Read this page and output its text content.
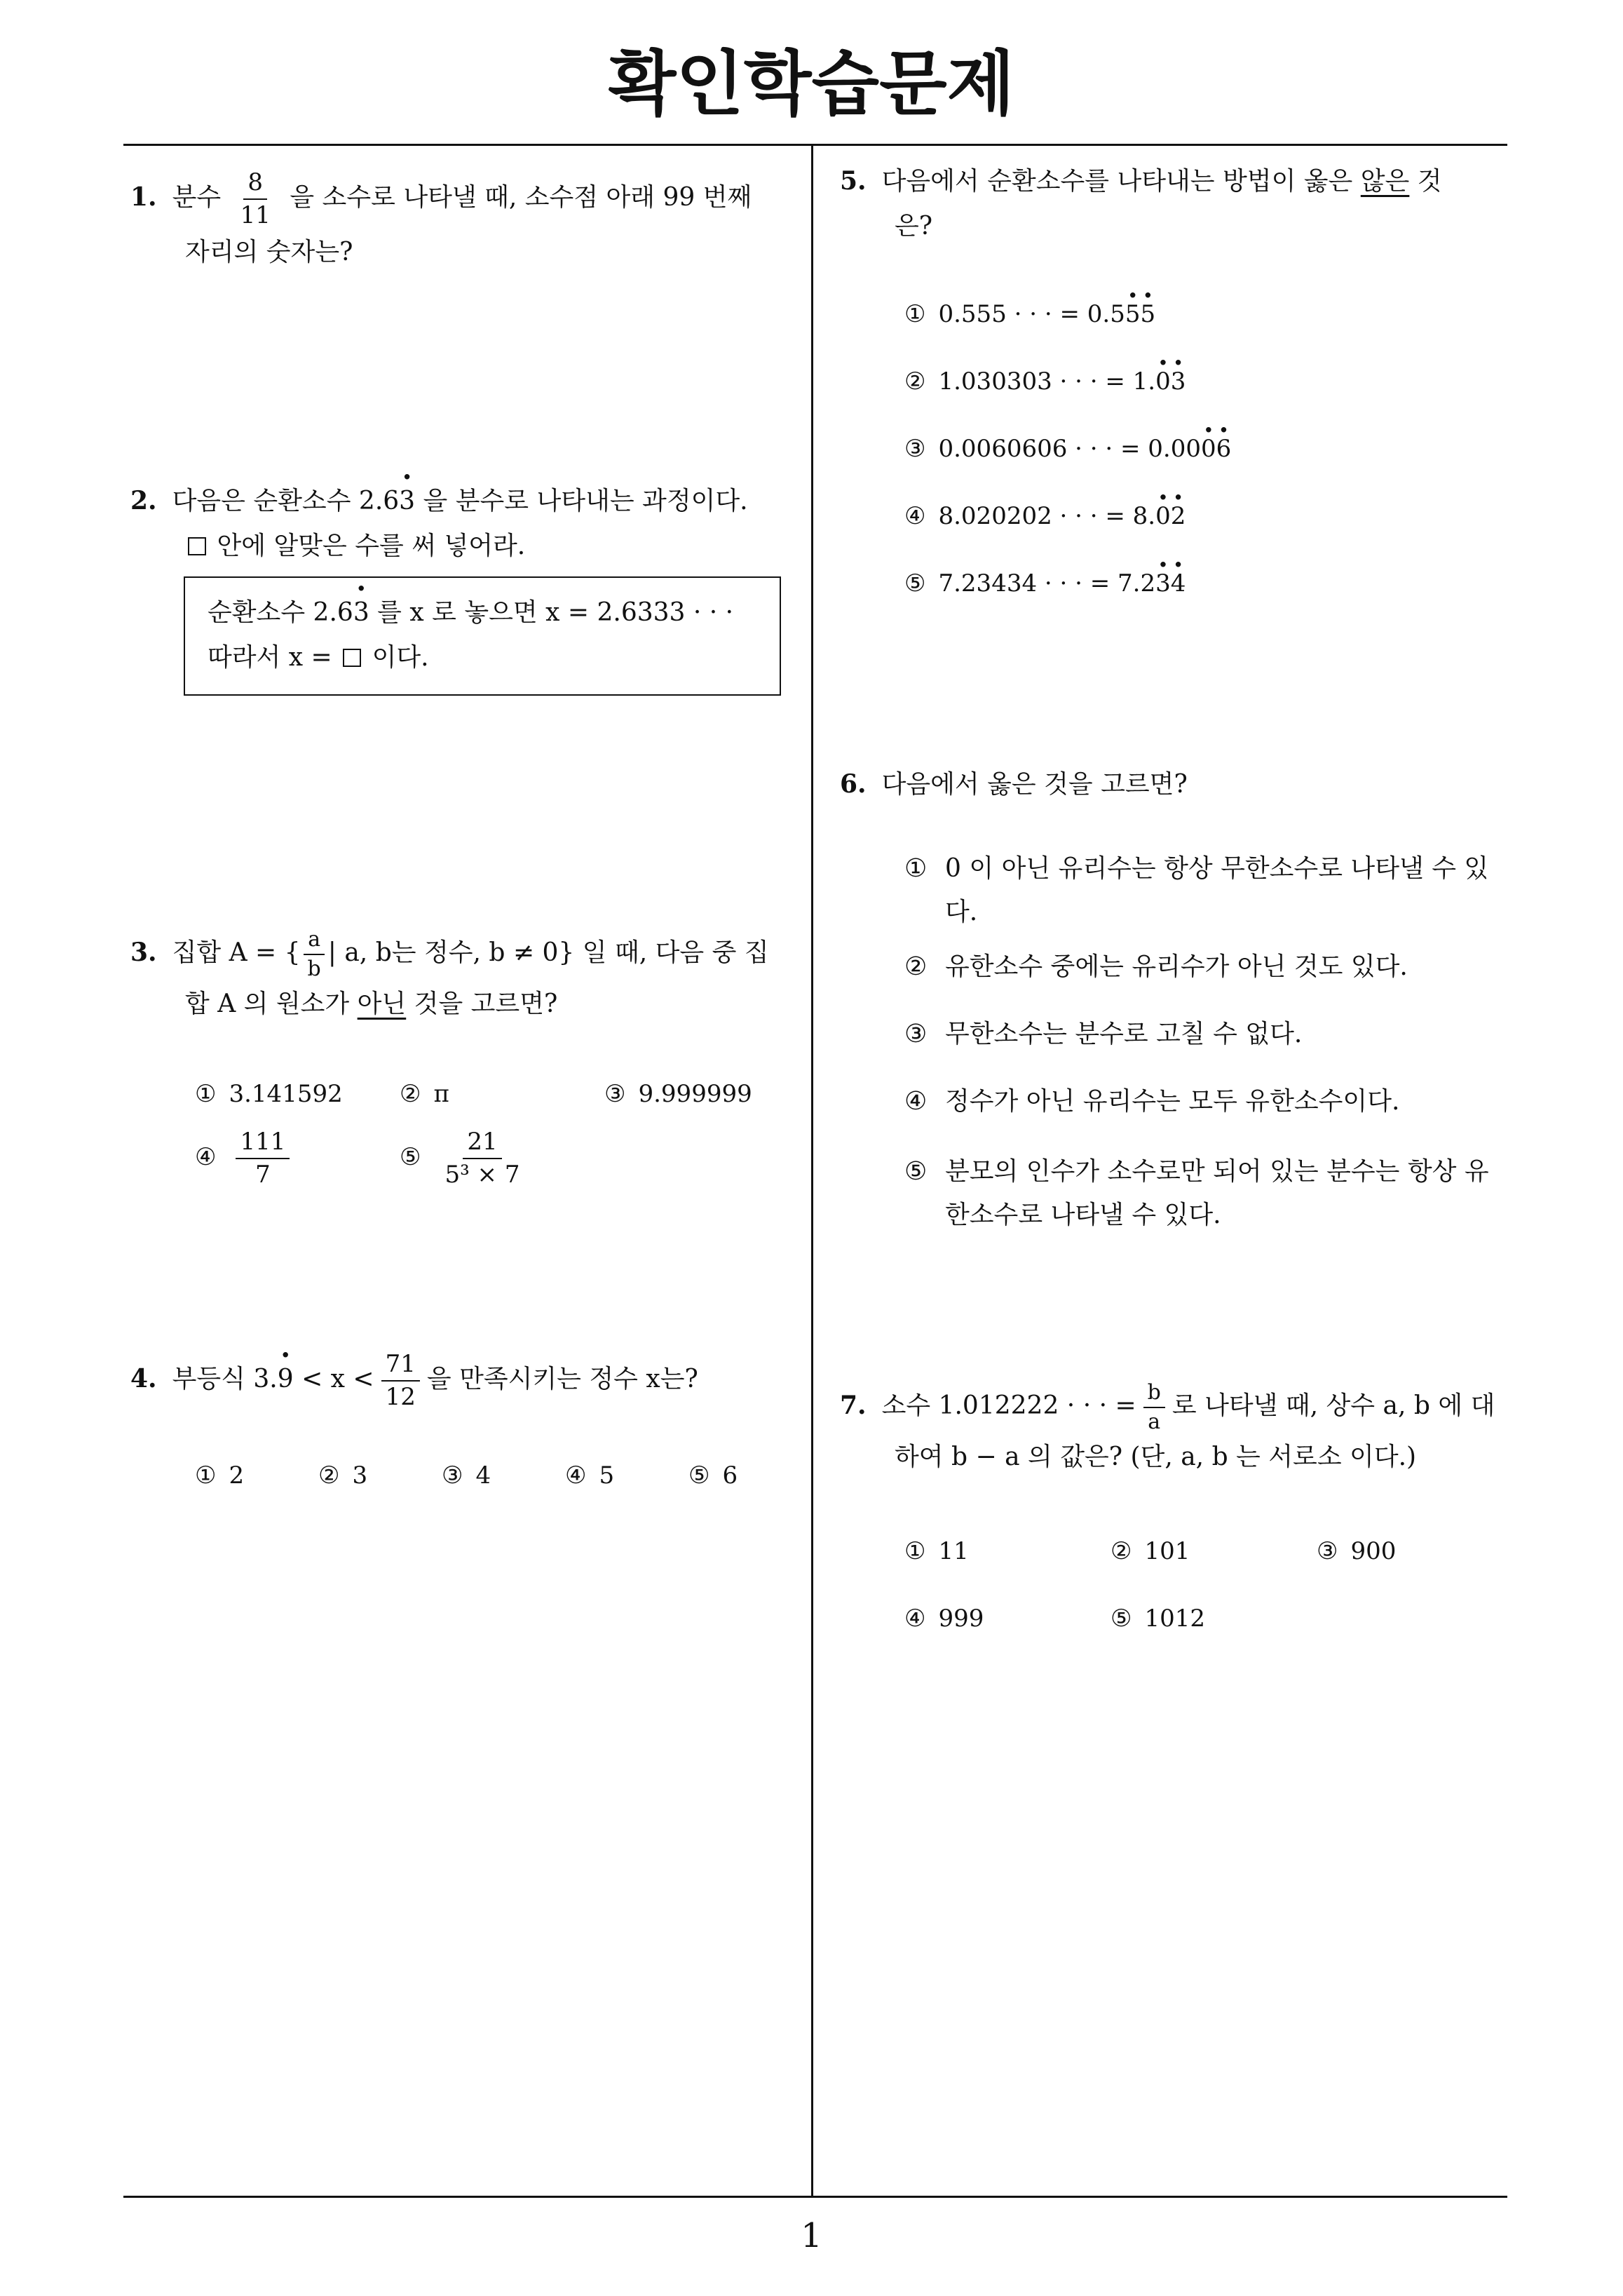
확인학습문제
1
1. 분수 $\frac{8}{11}$ 을 소수로 나타낼 때, 소수점 아래 99 번째
자리의 숫자는?
2. 다음은 순환소수 2.63 · 을 분수로 나타내는 과정이다.
안에 알맞은 수를 써 넣어라.
순환소수 2.63 · 를 x 로 놓으면 x = 2.6333 · · ·
따라서 x =  이다.
3. 집합 A = { $\frac{a}{b}$ | a, b는 정수, b ≠ 0} 일 때, 다음 중 집
합 A 의 원소가 아닌 것을 고르면?
① 3.141592 ② π	③ 9.999999
④ $\frac{111}{7}$	⑤ $\frac{21}{\text{5³ × 7}}$
4. 부등식 3.9 · < $x < \frac{71}{12}$ 을 만족시키는 정수 x는?
① 2	② 3	③ 4	④ 5	⑤ 6
5. 다음에서 순환소수를 나타내는 방법이 옳은 않은 것
은?
① 0.555 · · · = 0.55 ·5 ·
② 1.030303 · · · = 1.0 ·3 ·
③ 0.0060606 · · · = 0.000 ·6 ·
④ 8.020202 · · · = 8.0 ·2 ·
⑤ 7.23434 · · · = 7.23 ·4 ·
6. 다음에서 옳은 것을 고르면?
① 0 이 아닌 유리수는 항상 무한소수로 나타낼 수 있다.
② 유한소수 중에는 유리수가 아닌 것도 있다.
③ 무한소수는 분수로 고칠 수 없다.
④ 정수가 아닌 유리수는 모두 유한소수이다.
⑤ 분모의 인수가 소수로만 되어 있는 분수는 항상 유한소수로 나타낼 수 있다.
7. 소수 1.012222 · · · = $\frac{b}{a}$ 로 나타낼 때, 상수 a, b 에 대
하여 b − a 의 값은? (단, a, b 는 서로소 이다.)
① 11	② 101	③ 900
④ 999	⑤ 1012
